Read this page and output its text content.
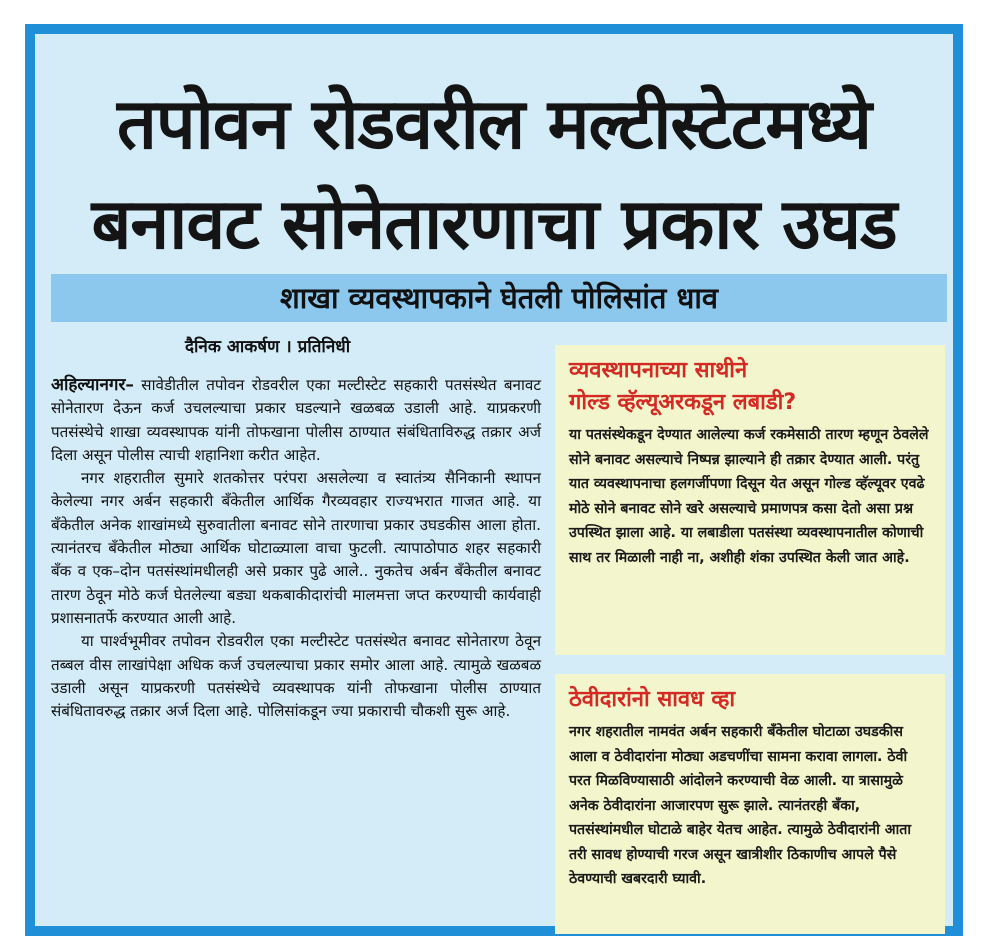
तपोवन रोडवरील मल्टीस्टेटमध्ये
बनावट सोनेतारणाचा प्रकार उघड
शाखा व्यवस्थापकाने घेतली पोलिसांत धाव
दैनिक आकर्षण । प्रतिनिधी

अहिल्यानगर– सावेडीतील तपोवन रोडवरील एका मल्टीस्टेट सहकारी पतसंस्थेत बनावट सोनेतारण देऊन कर्ज उचलल्याचा प्रकार घडल्याने खळबळ उडाली आहे. याप्रकरणी पतसंस्थेचे शाखा व्यवस्थापक यांनी तोफखाना पोलीस ठाण्यात संबंधिताविरुद्ध तक्रार अर्ज दिला असून पोलीस त्याची शहानिशा करीत आहेत.

नगर शहरातील सुमारे शतकोत्तर परंपरा असलेल्या व स्वातंत्र्य सैनिकानी स्थापन केलेल्या नगर अर्बन सहकारी बँकेतील आर्थिक गैरव्यवहार राज्यभरात गाजत आहे. या बँकेतील अनेक शाखांमध्ये सुरुवातीला बनावट सोने तारणाचा प्रकार उघडकीस आला होता. त्यानंतरच बँकेतील मोठ्या आर्थिक घोटाळ्याला वाचा फुटली. त्यापाठोपाठ शहर सहकारी बँक व एक–दोन पतसंस्थांमधीलही असे प्रकार पुढे आले.. नुकतेच अर्बन बँकेतील बनावट तारण ठेवून मोठे कर्ज घेतलेल्या बड्या थकबाकीदारांची मालमत्ता जप्त करण्याची कार्यवाही प्रशासनातर्फे करण्यात आली आहे.

या पार्श्वभूमीवर तपोवन रोडवरील एका मल्टीस्टेट पतसंस्थेत बनावट सोनेतारण ठेवून तब्बल वीस लाखांपेक्षा अधिक कर्ज उचलल्याचा प्रकार समोर आला आहे. त्यामुळे खळबळ उडाली असून याप्रकरणी पतसंस्थेचे व्यवस्थापक यांनी तोफखाना पोलीस ठाण्यात संबंधितावरुद्ध तक्रार अर्ज दिला आहे. पोलिसांकडून ज्या प्रकाराची चौकशी सुरू आहे.

व्यवस्थापनाच्या साथीने
गोल्ड व्हॅल्यूअरकडून लबाडी?

या पतसंस्थेकडून देण्यात आलेल्या कर्ज रकमेसाठी तारण म्हणून ठेवलेले सोने बनावट असल्याचे निष्पन्न झाल्याने ही तक्रार देण्यात आली. परंतु यात व्यवस्थापनाचा हलगर्जीपणा दिसून येत असून गोल्ड व्हॅल्यूवर एवढे मोठे सोने बनावट सोने खरे असल्याचे प्रमाणपत्र कसा देतो असा प्रश्न उपस्थित झाला आहे. या लबाडीला पतसंस्था व्यवस्थापनातील कोणाची साथ तर मिळाली नाही ना, अशीही शंका उपस्थित केली जात आहे.

ठेवीदारांनो सावध व्हा

नगर शहरातील नामवंत अर्बन सहकारी बँकेतील घोटाळा उघडकीस आला व ठेवीदारांना मोठ्या अडचणींचा सामना करावा लागला. ठेवी परत मिळविण्यासाठी आंदोलने करण्याची वेळ आली. या त्रासामुळे अनेक ठेवीदारांना आजारपण सुरू झाले. त्यानंतरही बँका, पतसंस्थांमधील घोटाळे बाहेर येतच आहेत. त्यामुळे ठेवीदारांनी आता तरी सावध होण्याची गरज असून खात्रीशीर ठिकाणीच आपले पैसे ठेवण्याची खबरदारी घ्यावी.
